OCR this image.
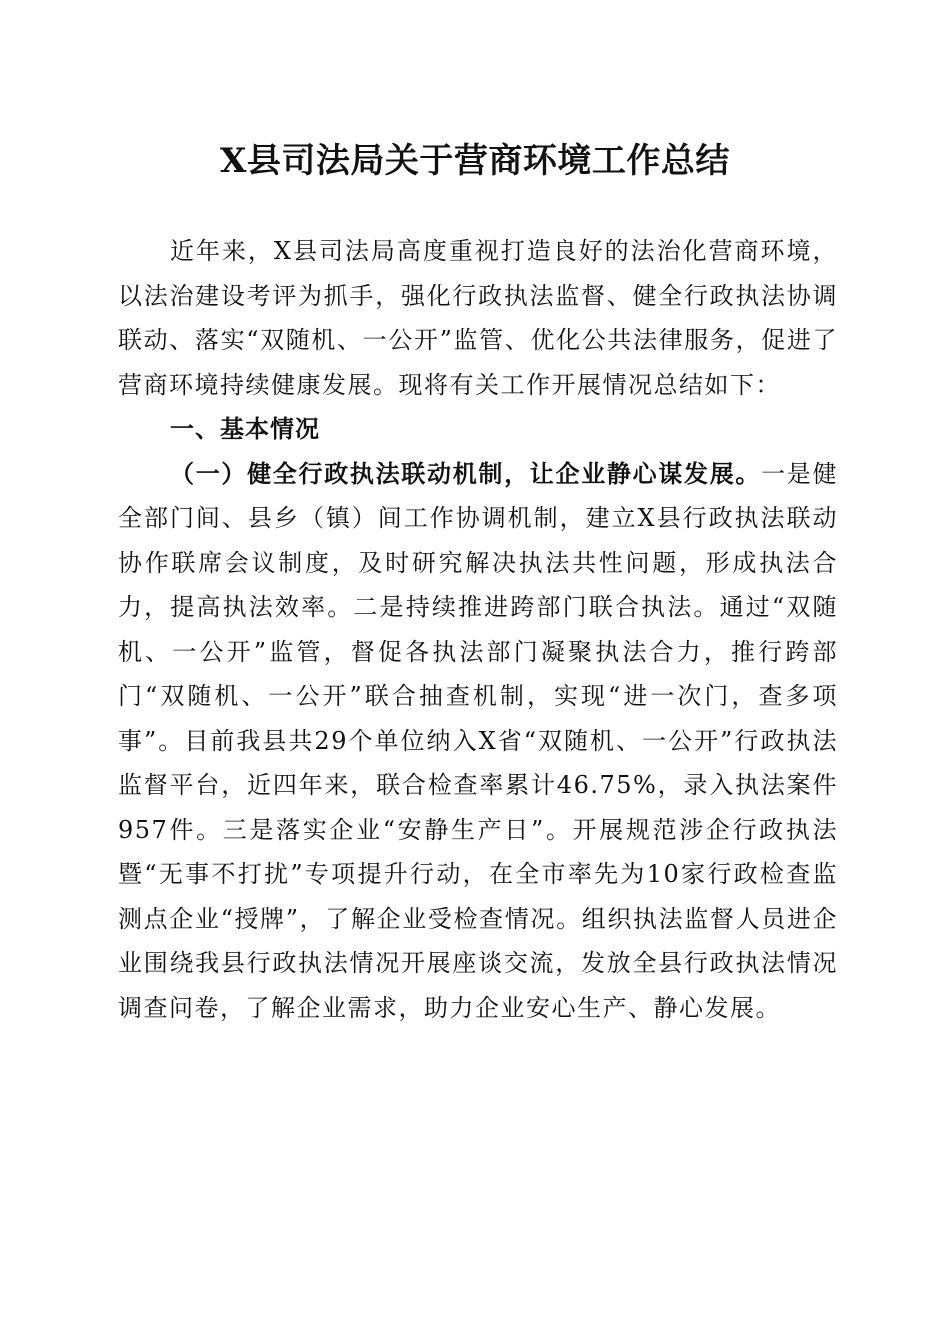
X县司法局关于营商环境工作总结

近年来，X县司法局高度重视打造良好的法治化营商环境，以法治建设考评为抓手，强化行政执法监督、健全行政执法协调联动、落实“双随机、一公开”监管、优化公共法律服务，促进了营商环境持续健康发展。现将有关工作开展情况总结如下：

一、基本情况

（一）健全行政执法联动机制，让企业静心谋发展。一是健全部门间、县乡（镇）间工作协调机制，建立X县行政执法联动协作联席会议制度，及时研究解决执法共性问题，形成执法合力，提高执法效率。二是持续推进跨部门联合执法。通过“双随机、一公开”监管，督促各执法部门凝聚执法合力，推行跨部门“双随机、一公开”联合抽查机制，实现“进一次门，查多项事”。目前我县共29个单位纳入X省“双随机、一公开”行政执法监督平台，近四年来，联合检查率累计46.75%，录入执法案件957件。三是落实企业“安静生产日”。开展规范涉企行政执法暨“无事不打扰”专项提升行动，在全市率先为10家行政检查监测点企业“授牌”，了解企业受检查情况。组织执法监督人员进企业围绕我县行政执法情况开展座谈交流，发放全县行政执法情况调查问卷，了解企业需求，助力企业安心生产、静心发展。
